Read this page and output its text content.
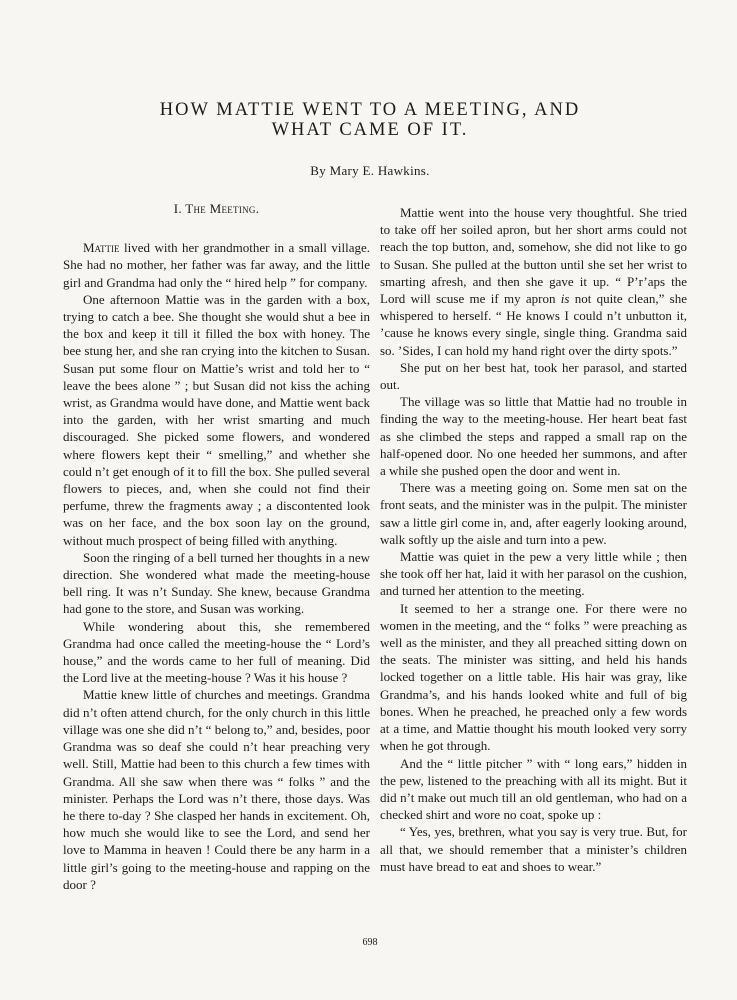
HOW MATTIE WENT TO A MEETING, AND
WHAT CAME OF IT.
By Mary E. Hawkins.
I. The Meeting.

Mattie lived with her grandmother in a small village. She had no mother, her father was far away, and the little girl and Grandma had only the “ hired help ” for company.

One afternoon Mattie was in the garden with a box, trying to catch a bee. She thought she would shut a bee in the box and keep it till it filled the box with honey. The bee stung her, and she ran crying into the kitchen to Susan. Susan put some flour on Mattie’s wrist and told her to “ leave the bees alone ” ; but Susan did not kiss the aching wrist, as Grandma would have done, and Mattie went back into the garden, with her wrist smarting and much discouraged. She picked some flowers, and wondered where flowers kept their “ smelling,” and whether she could n’t get enough of it to fill the box. She pulled several flowers to pieces, and, when she could not find their perfume, threw the fragments away ; a discontented look was on her face, and the box soon lay on the ground, without much prospect of being filled with anything.

Soon the ringing of a bell turned her thoughts in a new direction. She wondered what made the meeting-house bell ring. It was n’t Sunday. She knew, because Grandma had gone to the store, and Susan was working.

While wondering about this, she remembered Grandma had once called the meeting-house the “ Lord’s house,” and the words came to her full of meaning. Did the Lord live at the meeting-house ? Was it his house ?

Mattie knew little of churches and meetings. Grandma did n’t often attend church, for the only church in this little village was one she did n’t “ belong to,” and, besides, poor Grandma was so deaf she could n’t hear preaching very well. Still, Mattie had been to this church a few times with Grandma. All she saw when there was “ folks ” and the minister. Perhaps the Lord was n’t there, those days. Was he there to-day ? She clasped her hands in excitement. Oh, how much she would like to see the Lord, and send her love to Mamma in heaven ! Could there be any harm in a little girl’s going to the meeting-house and rapping on the door ?

Mattie went into the house very thoughtful. She tried to take off her soiled apron, but her short arms could not reach the top button, and, somehow, she did not like to go to Susan. She pulled at the button until she set her wrist to smarting afresh, and then she gave it up. “ P’r’aps the Lord will scuse me if my apron is not quite clean,” she whispered to herself. “ He knows I could n’t unbutton it, ’cause he knows every single, single thing. Grandma said so. ’Sides, I can hold my hand right over the dirty spots.”

She put on her best hat, took her parasol, and started out.

The village was so little that Mattie had no trouble in finding the way to the meeting-house. Her heart beat fast as she climbed the steps and rapped a small rap on the half-opened door. No one heeded her summons, and after a while she pushed open the door and went in.

There was a meeting going on. Some men sat on the front seats, and the minister was in the pulpit. The minister saw a little girl come in, and, after eagerly looking around, walk softly up the aisle and turn into a pew.

Mattie was quiet in the pew a very little while ; then she took off her hat, laid it with her parasol on the cushion, and turned her attention to the meeting.

It seemed to her a strange one. For there were no women in the meeting, and the “ folks ” were preaching as well as the minister, and they all preached sitting down on the seats. The minister was sitting, and held his hands locked together on a little table. His hair was gray, like Grandma’s, and his hands looked white and full of big bones. When he preached, he preached only a few words at a time, and Mattie thought his mouth looked very sorry when he got through.

And the “ little pitcher ” with “ long ears,” hidden in the pew, listened to the preaching with all its might. But it did n’t make out much till an old gentleman, who had on a checked shirt and wore no coat, spoke up :

“ Yes, yes, brethren, what you say is very true. But, for all that, we should remember that a minister’s children must have bread to eat and shoes to wear.”

698
